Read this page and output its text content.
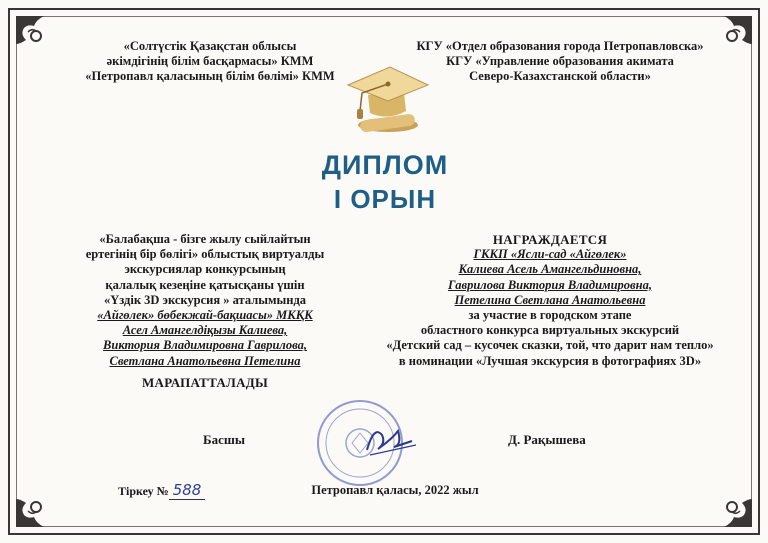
«Солтүстік Қазақстан облысы
әкімдігінің білім басқармасы» КММ
«Петропавл қаласының білім бөлімі» КММ
КГУ «Отдел образования города Петропавловска»
КГУ «Управление образования акимата
Северо-Казахстанской области»
ДИПЛОМ
І ОРЫН
«Балабақша - бізге жылу сыйлайтын
ертегінің бір бөлігі» облыстық виртуалды
экскурсиялар конкурсының
қалалық кезеңіне қатысқаны үшін
«Үздік 3D экскурсия » аталымында
«Айгөлек» бөбекжай-бақшасы» МКҚК
Асел Амангелдіқызы Калиева,
Виктория Владимировна Гаврилова,
Светлана Анатольевна Петелина
МАРАПАТТАЛАДЫ
НАГРАЖДАЕТСЯ
ГККП «Ясли-сад «Айгөлек»
Калиева Асель Амангельдиновна,
Гаврилова Виктория Владимировна,
Петелина Светлана Анатольевна
за участие в городском этапе
областного конкурса виртуальных экскурсий
«Детский сад – кусочек сказки, той, что дарит нам тепло»
в номинации «Лучшая экскурсия в фотографиях 3D»
Басшы	Д. Рақышева
Тіркеу № 588	Петропавл қаласы, 2022 жыл
